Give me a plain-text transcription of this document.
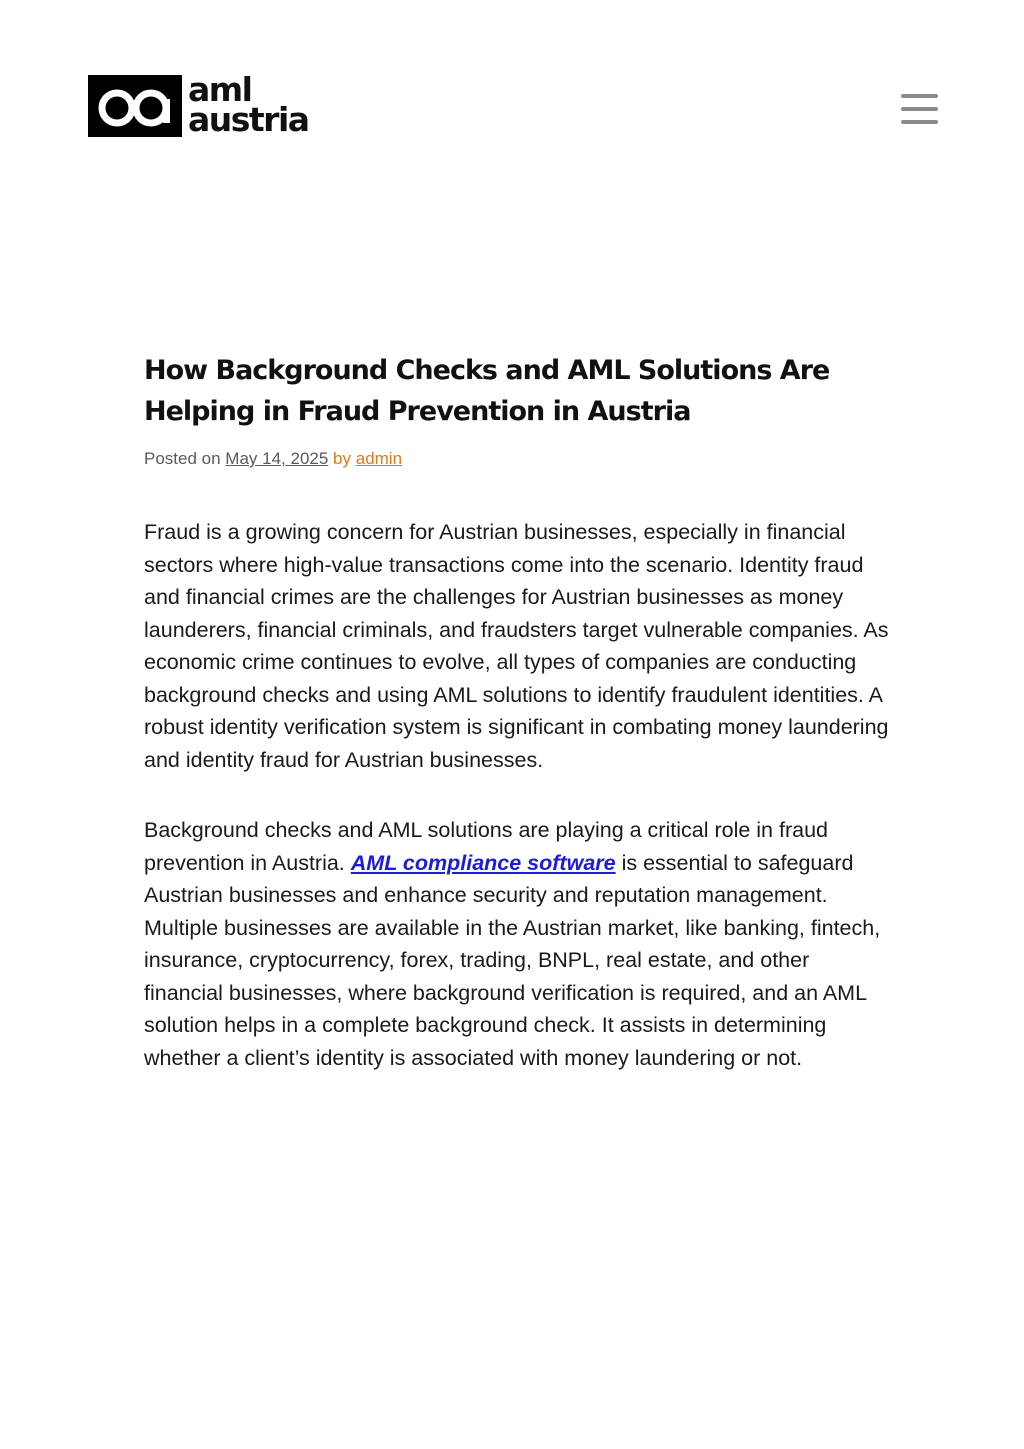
aml
austria
How Background Checks and AML Solutions Are Helping in Fraud Prevention in Austria
Posted on May 14, 2025 by admin

Fraud is a growing concern for Austrian businesses, especially in financial sectors where high-value transactions come into the scenario. Identity fraud and financial crimes are the challenges for Austrian businesses as money launderers, financial criminals, and fraudsters target vulnerable companies. As economic crime continues to evolve, all types of companies are conducting background checks and using AML solutions to identify fraudulent identities. A robust identity verification system is significant in combating money laundering and identity fraud for Austrian businesses.

Background checks and AML solutions are playing a critical role in fraud prevention in Austria. AML compliance software is essential to safeguard Austrian businesses and enhance security and reputation management. Multiple businesses are available in the Austrian market, like banking, fintech, insurance, cryptocurrency, forex, trading, BNPL, real estate, and other financial businesses, where background verification is required, and an AML solution helps in a complete background check. It assists in determining whether a client’s identity is associated with money laundering or not.
